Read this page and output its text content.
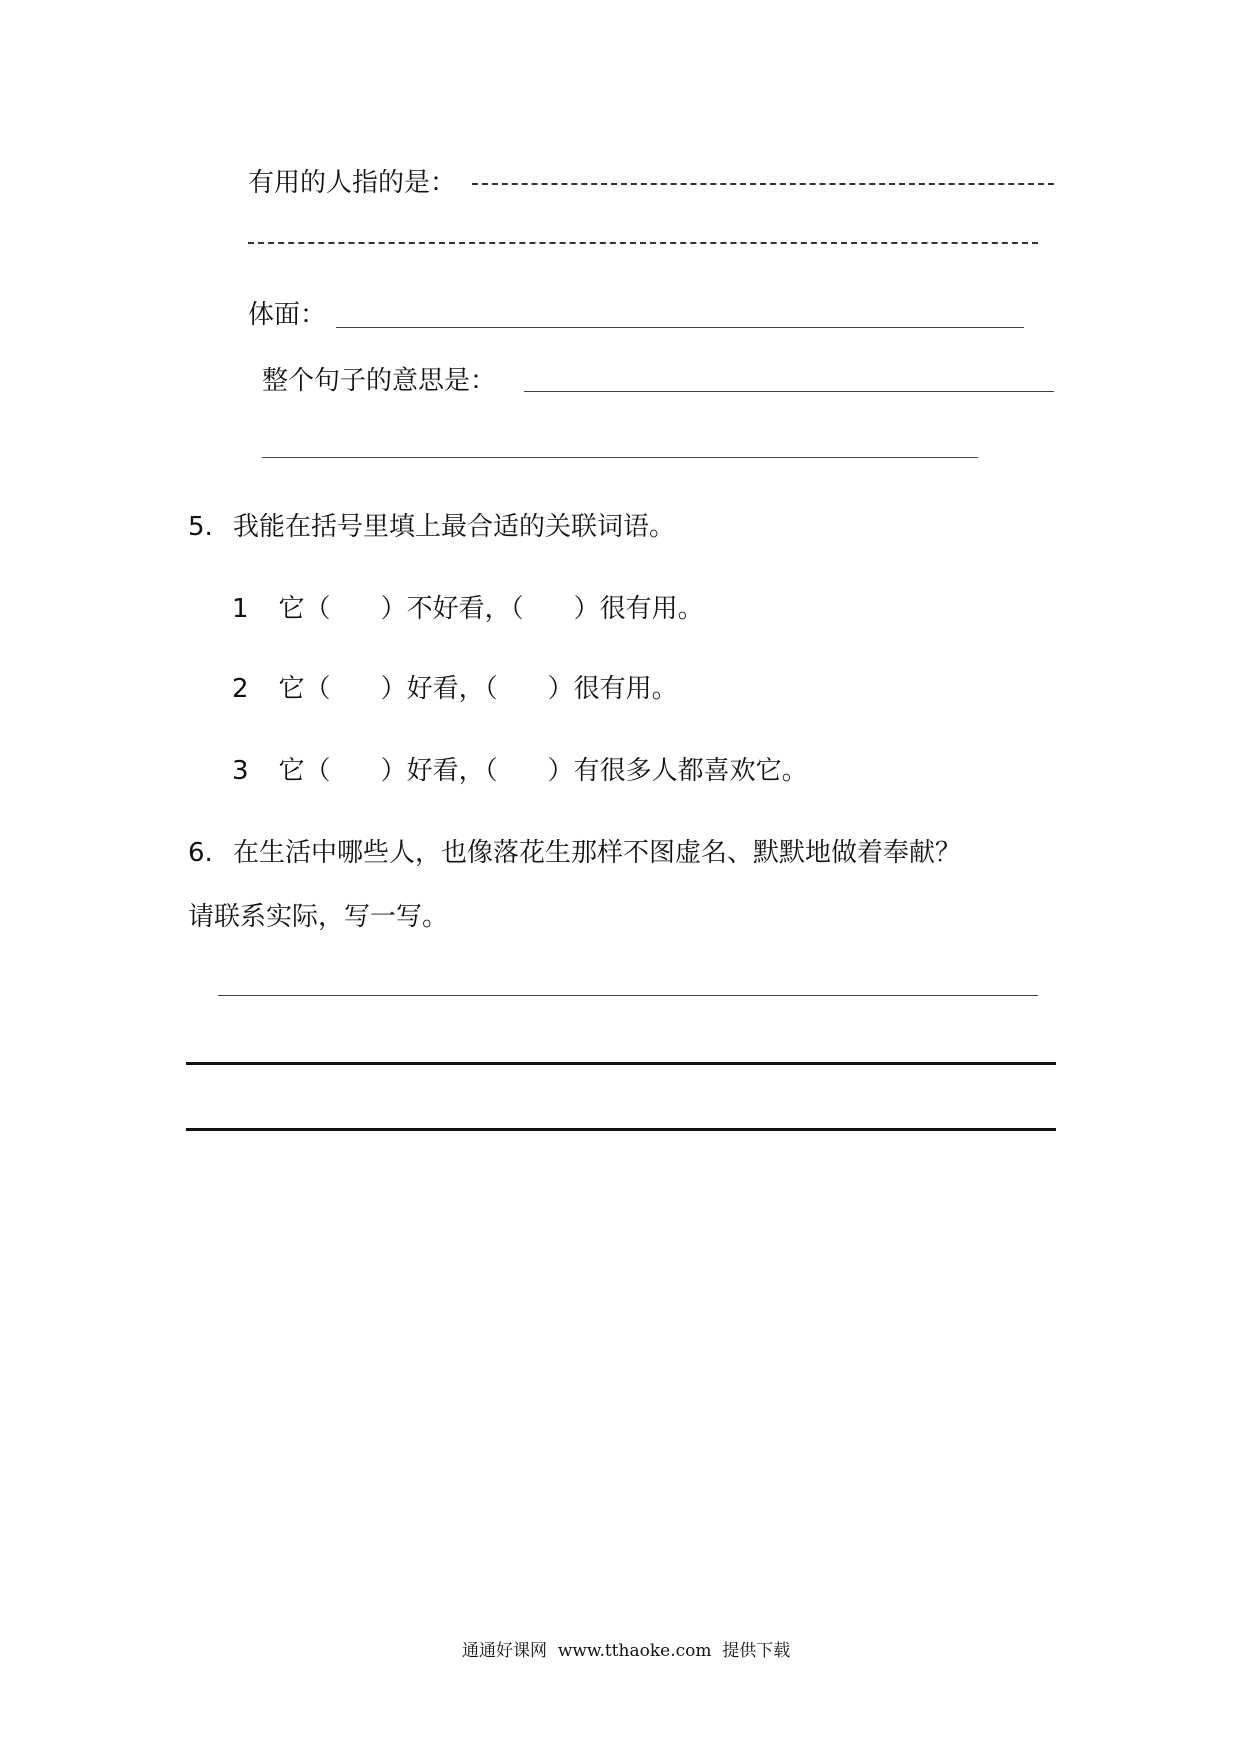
有用的人指的是：
体面：
整个句子的意思是：
5. 我能在括号里填上最合适的关联词语。
1 它（ ）不好看，（ ）很有用。
2 它（ ）好看，（ ）很有用。
3 它（ ）好看，（ ）有很多人都喜欢它。
6. 在生活中哪些人，也像落花生那样不图虚名、默默地做着奉献？
请联系实际，写一写。
通通好课网 www.tthaoke.com 提供下载
